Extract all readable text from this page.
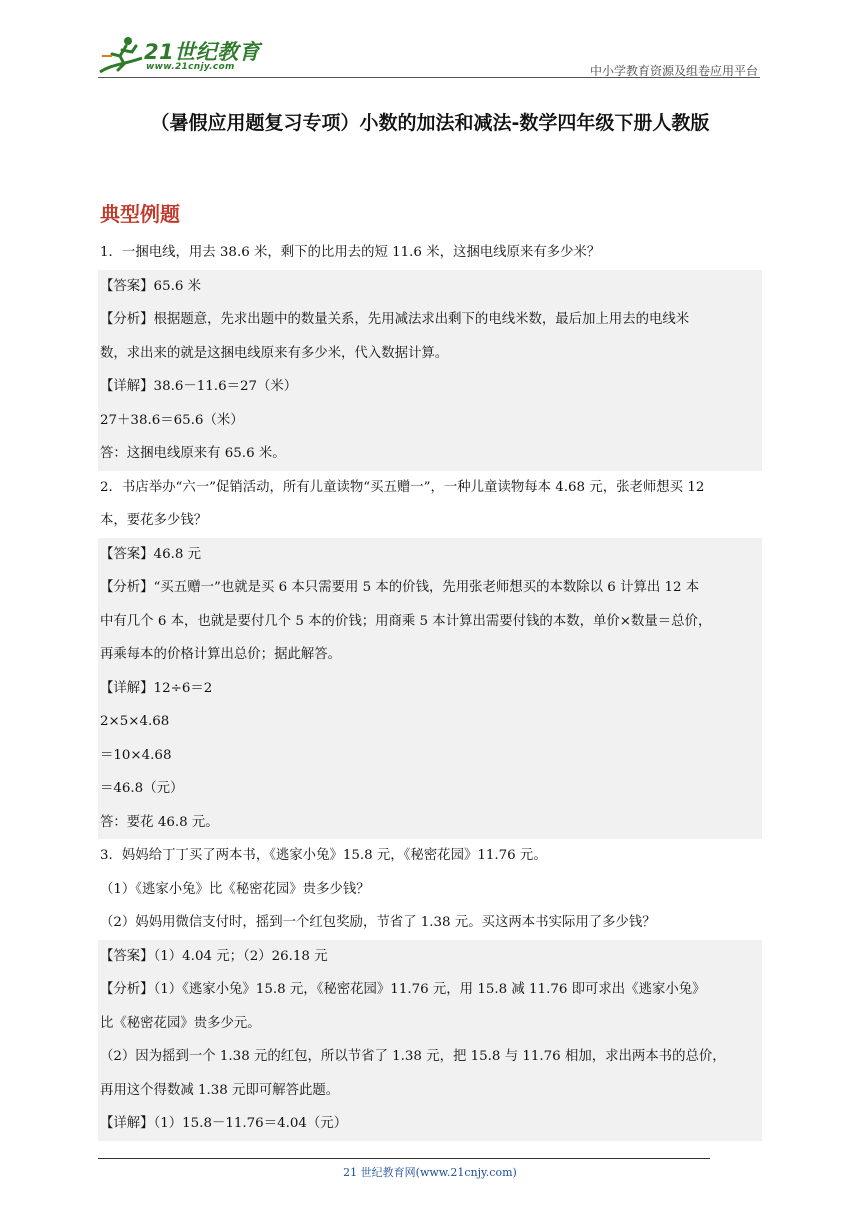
21世纪教育
www.21cnjy.com	中小学教育资源及组卷应用平台
（暑假应用题复习专项）小数的加法和减法-数学四年级下册人教版
典型例题
1．一捆电线，用去 38.6 米，剩下的比用去的短 11.6 米，这捆电线原来有多少米？
【答案】65.6 米
【分析】根据题意，先求出题中的数量关系，先用减法求出剩下的电线米数，最后加上用去的电线米
数，求出来的就是这捆电线原来有多少米，代入数据计算。
【详解】38.6－11.6＝27（米）
27＋38.6＝65.6（米）
答：这捆电线原来有 65.6 米。
2．书店举办“六一”促销活动，所有儿童读物“买五赠一”，一种儿童读物每本 4.68 元，张老师想买 12
本，要花多少钱？
【答案】46.8 元
【分析】“买五赠一”也就是买 6 本只需要用 5 本的价钱，先用张老师想买的本数除以 6 计算出 12 本
中有几个 6 本，也就是要付几个 5 本的价钱；用商乘 5 本计算出需要付钱的本数，单价×数量＝总价，
再乘每本的价格计算出总价；据此解答。
【详解】12÷6＝2
2×5×4.68
＝10×4.68
＝46.8（元）
答：要花 46.8 元。
3．妈妈给丁丁买了两本书，《逃家小兔》15.8 元，《秘密花园》11.76 元。
（1）《逃家小兔》比《秘密花园》贵多少钱？
（2）妈妈用微信支付时，摇到一个红包奖励，节省了 1.38 元。买这两本书实际用了多少钱？
【答案】（1）4.04 元；（2）26.18 元
【分析】（1）《逃家小兔》15.8 元，《秘密花园》11.76 元，用 15.8 减 11.76 即可求出《逃家小兔》
比《秘密花园》贵多少元。
（2）因为摇到一个 1.38 元的红包，所以节省了 1.38 元，把 15.8 与 11.76 相加，求出两本书的总价，
再用这个得数减 1.38 元即可解答此题。
【详解】（1）15.8－11.76＝4.04（元）
21 世纪教育网(www.21cnjy.com)
